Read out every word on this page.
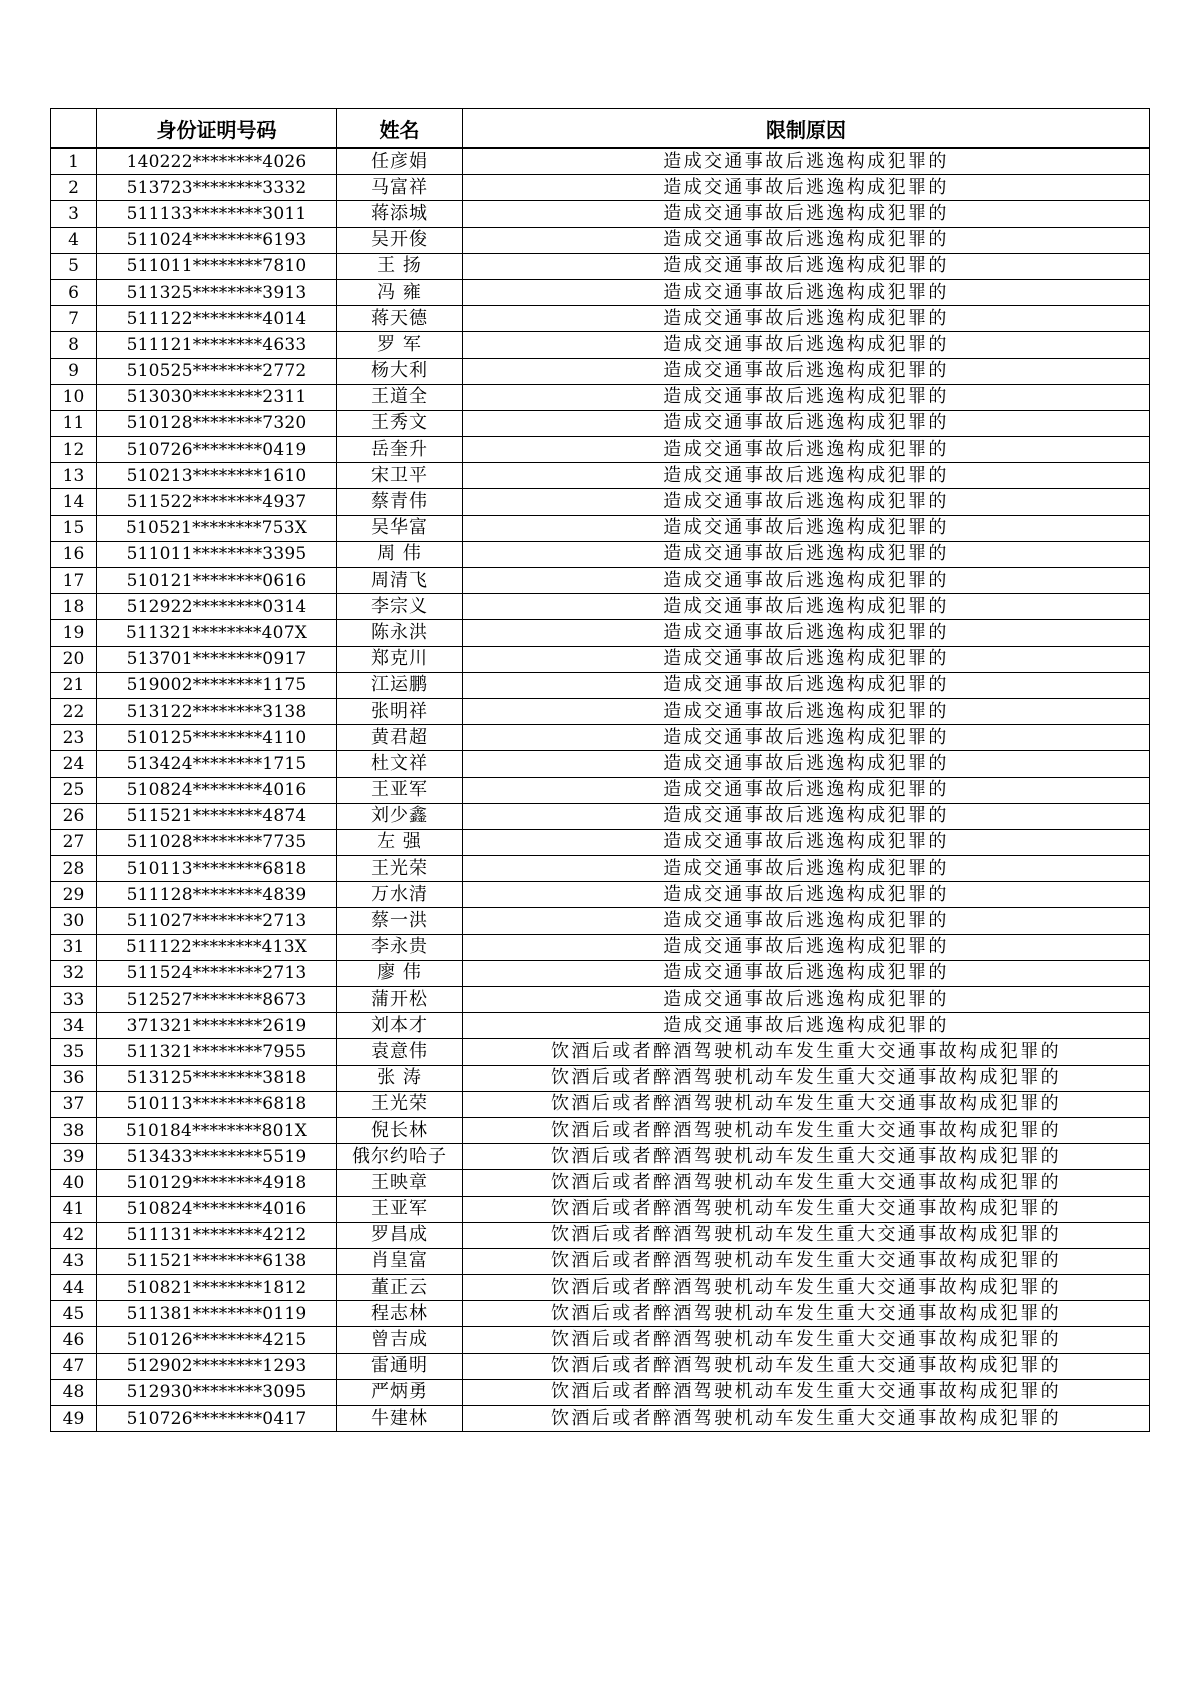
	身份证明号码	姓名	限制原因
1	140222********4026	任彦娟	造成交通事故后逃逸构成犯罪的
2	513723********3332	马富祥	造成交通事故后逃逸构成犯罪的
3	511133********3011	蒋添城	造成交通事故后逃逸构成犯罪的
4	511024********6193	吴开俊	造成交通事故后逃逸构成犯罪的
5	511011********7810	王 扬	造成交通事故后逃逸构成犯罪的
6	511325********3913	冯 雍	造成交通事故后逃逸构成犯罪的
7	511122********4014	蒋天德	造成交通事故后逃逸构成犯罪的
8	511121********4633	罗 军	造成交通事故后逃逸构成犯罪的
9	510525********2772	杨大利	造成交通事故后逃逸构成犯罪的
10	513030********2311	王道全	造成交通事故后逃逸构成犯罪的
11	510128********7320	王秀文	造成交通事故后逃逸构成犯罪的
12	510726********0419	岳奎升	造成交通事故后逃逸构成犯罪的
13	510213********1610	宋卫平	造成交通事故后逃逸构成犯罪的
14	511522********4937	蔡青伟	造成交通事故后逃逸构成犯罪的
15	510521********753X	吴华富	造成交通事故后逃逸构成犯罪的
16	511011********3395	周 伟	造成交通事故后逃逸构成犯罪的
17	510121********0616	周清飞	造成交通事故后逃逸构成犯罪的
18	512922********0314	李宗义	造成交通事故后逃逸构成犯罪的
19	511321********407X	陈永洪	造成交通事故后逃逸构成犯罪的
20	513701********0917	郑克川	造成交通事故后逃逸构成犯罪的
21	519002********1175	江运鹏	造成交通事故后逃逸构成犯罪的
22	513122********3138	张明祥	造成交通事故后逃逸构成犯罪的
23	510125********4110	黄君超	造成交通事故后逃逸构成犯罪的
24	513424********1715	杜文祥	造成交通事故后逃逸构成犯罪的
25	510824********4016	王亚军	造成交通事故后逃逸构成犯罪的
26	511521********4874	刘少鑫	造成交通事故后逃逸构成犯罪的
27	511028********7735	左 强	造成交通事故后逃逸构成犯罪的
28	510113********6818	王光荣	造成交通事故后逃逸构成犯罪的
29	511128********4839	万水清	造成交通事故后逃逸构成犯罪的
30	511027********2713	蔡一洪	造成交通事故后逃逸构成犯罪的
31	511122********413X	李永贵	造成交通事故后逃逸构成犯罪的
32	511524********2713	廖 伟	造成交通事故后逃逸构成犯罪的
33	512527********8673	蒲开松	造成交通事故后逃逸构成犯罪的
34	371321********2619	刘本才	造成交通事故后逃逸构成犯罪的
35	511321********7955	袁意伟	饮酒后或者醉酒驾驶机动车发生重大交通事故构成犯罪的
36	513125********3818	张 涛	饮酒后或者醉酒驾驶机动车发生重大交通事故构成犯罪的
37	510113********6818	王光荣	饮酒后或者醉酒驾驶机动车发生重大交通事故构成犯罪的
38	510184********801X	倪长林	饮酒后或者醉酒驾驶机动车发生重大交通事故构成犯罪的
39	513433********5519	俄尔约哈子	饮酒后或者醉酒驾驶机动车发生重大交通事故构成犯罪的
40	510129********4918	王映章	饮酒后或者醉酒驾驶机动车发生重大交通事故构成犯罪的
41	510824********4016	王亚军	饮酒后或者醉酒驾驶机动车发生重大交通事故构成犯罪的
42	511131********4212	罗昌成	饮酒后或者醉酒驾驶机动车发生重大交通事故构成犯罪的
43	511521********6138	肖皇富	饮酒后或者醉酒驾驶机动车发生重大交通事故构成犯罪的
44	510821********1812	董正云	饮酒后或者醉酒驾驶机动车发生重大交通事故构成犯罪的
45	511381********0119	程志林	饮酒后或者醉酒驾驶机动车发生重大交通事故构成犯罪的
46	510126********4215	曾吉成	饮酒后或者醉酒驾驶机动车发生重大交通事故构成犯罪的
47	512902********1293	雷通明	饮酒后或者醉酒驾驶机动车发生重大交通事故构成犯罪的
48	512930********3095	严炳勇	饮酒后或者醉酒驾驶机动车发生重大交通事故构成犯罪的
49	510726********0417	牛建林	饮酒后或者醉酒驾驶机动车发生重大交通事故构成犯罪的
